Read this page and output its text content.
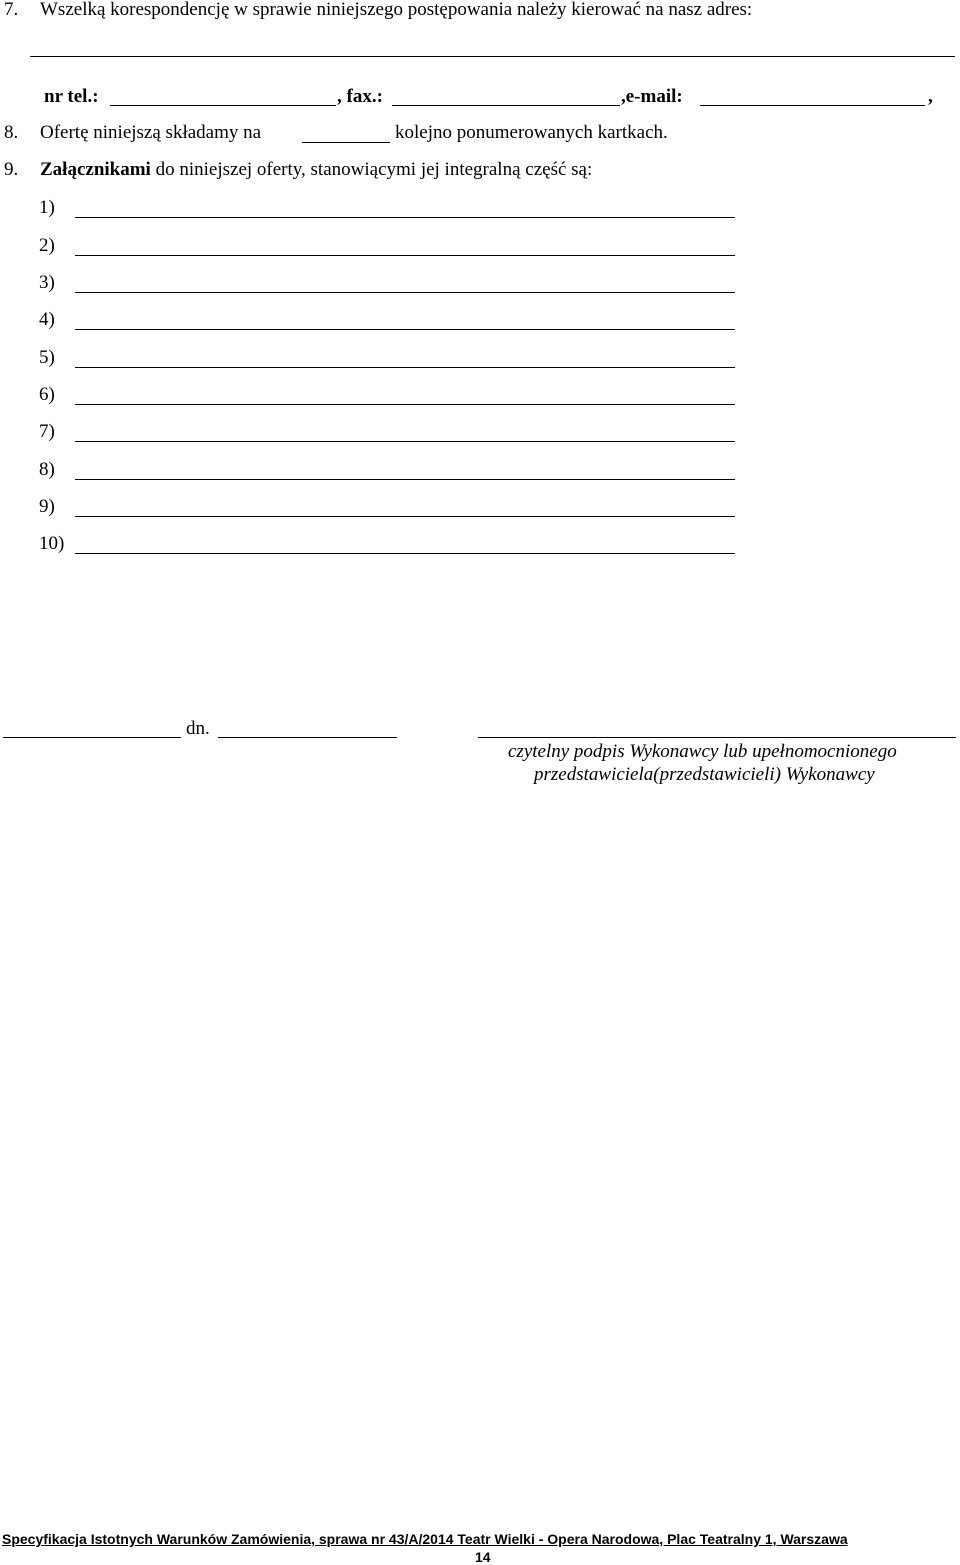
7. Wszelką korespondencję w sprawie niniejszego postępowania należy kierować na nasz adres:
nr tel.:	, fax.:	,e-mail:	,
8. Ofertę niniejszą składamy na	kolejno ponumerowanych kartkach.
9. Załącznikami do niniejszej oferty, stanowiącymi jej integralną część są:
1)
2)
3)
4)
5)
6)
7)
8)
9)
10)
dn.
czytelny podpis Wykonawcy lub upełnomocnionego
przedstawiciela(przedstawicieli) Wykonawcy
Specyfikacja Istotnych Warunków Zamówienia, sprawa nr 43/A/2014 Teatr Wielki - Opera Narodowa, Plac Teatralny 1, Warszawa
14
